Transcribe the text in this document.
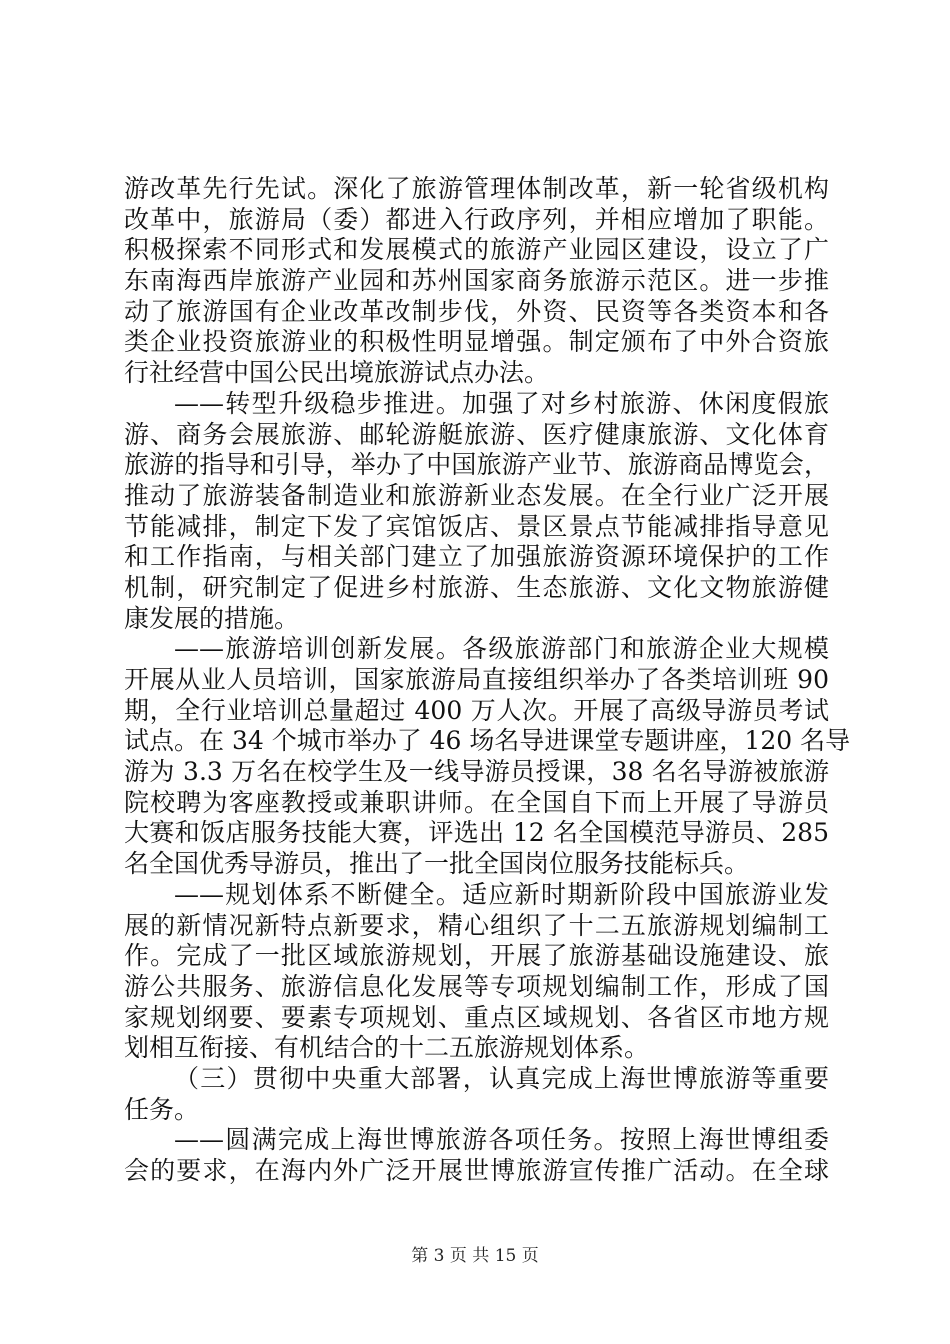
游改革先行先试。深化了旅游管理体制改革，新一轮省级机构
改革中，旅游局（委）都进入行政序列，并相应增加了职能。
积极探索不同形式和发展模式的旅游产业园区建设，设立了广
东南海西岸旅游产业园和苏州国家商务旅游示范区。进一步推
动了旅游国有企业改革改制步伐，外资、民资等各类资本和各
类企业投资旅游业的积极性明显增强。制定颁布了中外合资旅
行社经营中国公民出境旅游试点办法。
——转型升级稳步推进。加强了对乡村旅游、休闲度假旅
游、商务会展旅游、邮轮游艇旅游、医疗健康旅游、文化体育
旅游的指导和引导，举办了中国旅游产业节、旅游商品博览会，
推动了旅游装备制造业和旅游新业态发展。在全行业广泛开展
节能减排，制定下发了宾馆饭店、景区景点节能减排指导意见
和工作指南，与相关部门建立了加强旅游资源环境保护的工作
机制，研究制定了促进乡村旅游、生态旅游、文化文物旅游健
康发展的措施。
——旅游培训创新发展。各级旅游部门和旅游企业大规模
开展从业人员培训，国家旅游局直接组织举办了各类培训班 90
期，全行业培训总量超过 400 万人次。开展了高级导游员考试
试点。在 34 个城市举办了 46 场名导进课堂专题讲座，120 名导
游为 3.3 万名在校学生及一线导游员授课，38 名名导游被旅游
院校聘为客座教授或兼职讲师。在全国自下而上开展了导游员
大赛和饭店服务技能大赛，评选出 12 名全国模范导游员、285
名全国优秀导游员，推出了一批全国岗位服务技能标兵。
——规划体系不断健全。适应新时期新阶段中国旅游业发
展的新情况新特点新要求，精心组织了十二五旅游规划编制工
作。完成了一批区域旅游规划，开展了旅游基础设施建设、旅
游公共服务、旅游信息化发展等专项规划编制工作，形成了国
家规划纲要、要素专项规划、重点区域规划、各省区市地方规
划相互衔接、有机结合的十二五旅游规划体系。
（三）贯彻中央重大部署，认真完成上海世博旅游等重要
任务。
——圆满完成上海世博旅游各项任务。按照上海世博组委
会的要求，在海内外广泛开展世博旅游宣传推广活动。在全球
第 3 页 共 15 页
